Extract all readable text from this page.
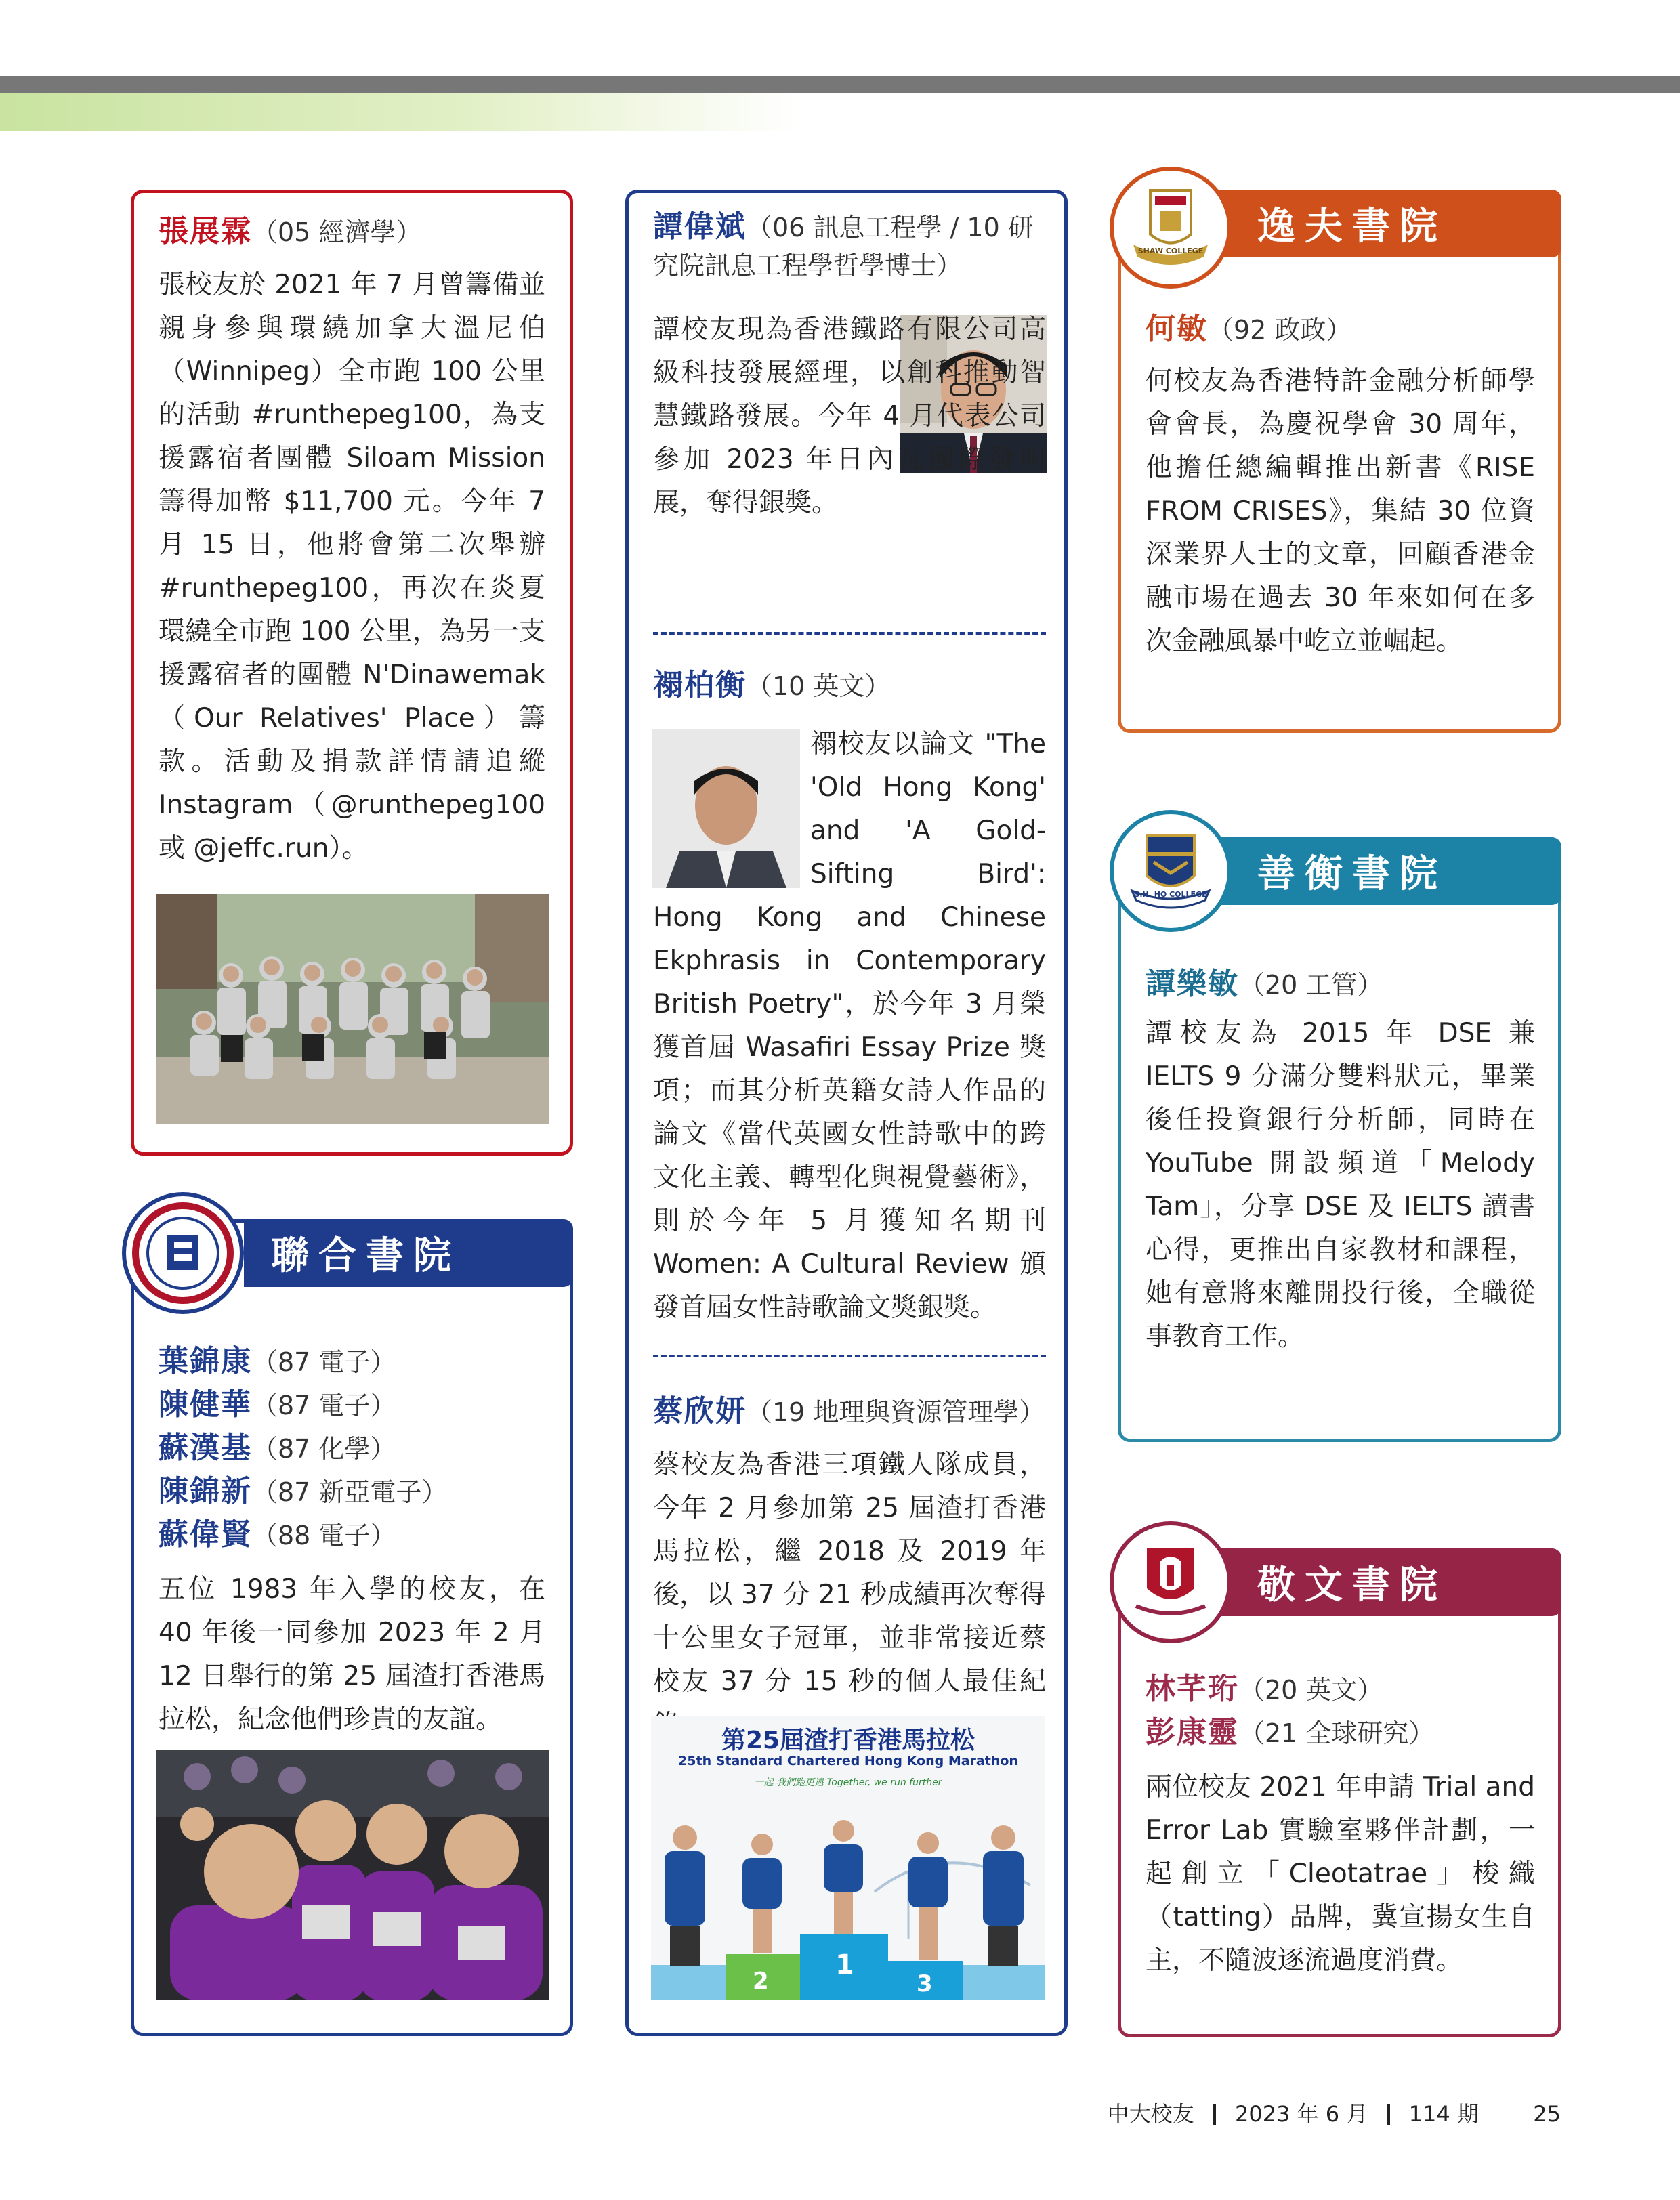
張展霖（05 經濟學）

張校友於 2021 年 7 月曾籌備並親身參與環繞加拿大溫尼伯（Winnipeg）全市跑 100 公里的活動 #runthepeg100，為支援露宿者團體 Siloam Mission 籌得加幣 $11,700 元。今年 7 月 15 日，他將會第二次舉辦 #runthepeg100，再次在炎夏環繞全市跑 100 公里，為另一支援露宿者的團體 N'Dinawemak（Our Relatives' Place）籌款。活動及捐款詳情請追縱 Instagram（@runthepeg100 或 @jeffc.run）。

葉錦康（87 電子）
陳健華（87 電子）
蘇漢基（87 化學）
陳錦新（87 新亞電子）
蘇偉賢（88 電子）

五位 1983 年入學的校友，在 40 年後一同參加 2023 年 2 月 12 日舉行的第 25 屆渣打香港馬拉松，紀念他們珍貴的友誼。

聯合書院
譚偉斌（06 訊息工程學 / 10 研究院訊息工程學哲學博士）

譚校友現為香港鐵路有限公司高級科技發展經理，以創科推動智慧鐵路發展。今年 4 月代表公司參加 2023 年日內瓦國際發明展，奪得銀獎。

禤柏衡（10 英文）

禤校友以論文 "The 'Old Hong Kong' and 'A Gold-Sifting Bird': Hong Kong and Chinese Ekphrasis in Contemporary British Poetry"，於今年 3 月榮獲首屆 Wasafiri Essay Prize 獎項；而其分析英籍女詩人作品的論文《當代英國女性詩歌中的跨文化主義、轉型化與視覺藝術》，則於今年 5 月獲知名期刊 Women: A Cultural Review 頒發首屆女性詩歌論文獎銀獎。

蔡欣妍（19 地理與資源管理學）

蔡校友為香港三項鐵人隊成員，今年 2 月參加第 25 屆渣打香港馬拉松，繼 2018 及 2019 年後，以 37 分 21 秒成績再次奪得十公里女子冠軍，並非常接近蔡校友 37 分 15 秒的個人最佳紀

第25屆渣打香港馬拉松
25th Standard Chartered Hong Kong Marathon
一起 我們跑更遠 Together, we run further
2
1
3
何敏（92 政政）

何校友為香港特許金融分析師學會會長，為慶祝學會 30 周年，他擔任總編輯推出新書《RISE FROM CRISES》，集結 30 位資深業界人士的文章，回顧香港金融市場在過去 30 年來如何在多次金融風暴中屹立並崛起。

逸夫書院
SHAW COLLEGE
譚樂敏（20 工管）

譚校友為 2015 年 DSE 兼 IELTS 9 分滿分雙料狀元，畢業後任投資銀行分析師，同時在 YouTube 開設頻道「Melody Tam」，分享 DSE 及 IELTS 讀書心得，更推出自家教材和課程，她有意將來離開投行後，全職從事教育工作。

善衡書院
S.H. HO COLLEGE
林芊珩（20 英文）
彭康靈（21 全球研究）

兩位校友 2021 年申請 Trial and Error Lab 實驗室夥伴計劃，一起創立「Cleotatrae」梭織（tatting）品牌，冀宣揚女生自主，不隨波逐流過度消費。

敬文書院
中大校友 2023 年 6 月 114 期	25
